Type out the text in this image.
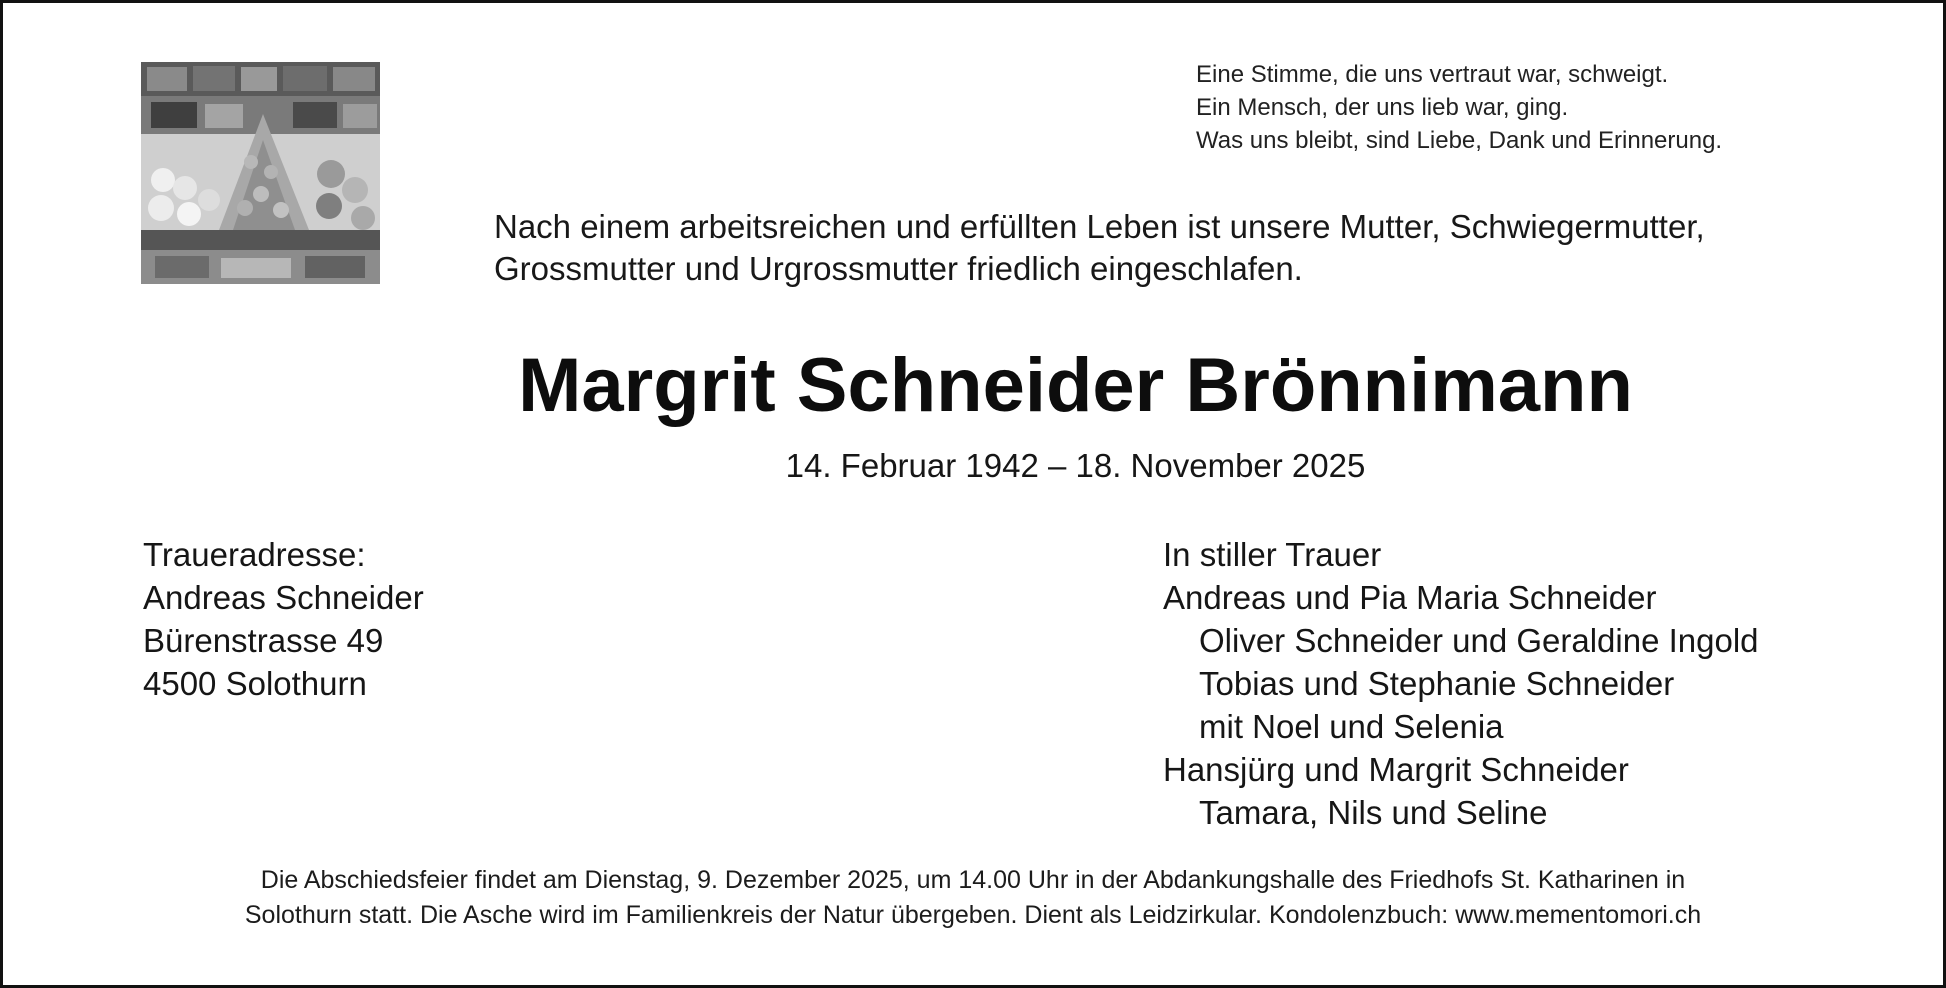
Eine Stimme, die uns vertraut war, schweigt.
Ein Mensch, der uns lieb war, ging.
Was uns bleibt, sind Liebe, Dank und Erinnerung.
Nach einem arbeitsreichen und erfüllten Leben ist unsere Mutter, Schwiegermutter,
Grossmutter und Urgrossmutter friedlich eingeschlafen.
Margrit Schneider Brönnimann
14. Februar 1942 – 18. November 2025
Traueradresse:
Andreas Schneider
Bürenstrasse 49
4500 Solothurn
In stiller Trauer
Andreas und Pia Maria Schneider
Oliver Schneider und Geraldine Ingold
Tobias und Stephanie Schneider
mit Noel und Selenia
Hansjürg und Margrit Schneider
Tamara, Nils und Seline
Die Abschiedsfeier findet am Dienstag, 9. Dezember 2025, um 14.00 Uhr in der Abdankungshalle des Friedhofs St. Katharinen in
Solothurn statt. Die Asche wird im Familienkreis der Natur übergeben. Dient als Leidzirkular. Kondolenzbuch: www.mementomori.ch
